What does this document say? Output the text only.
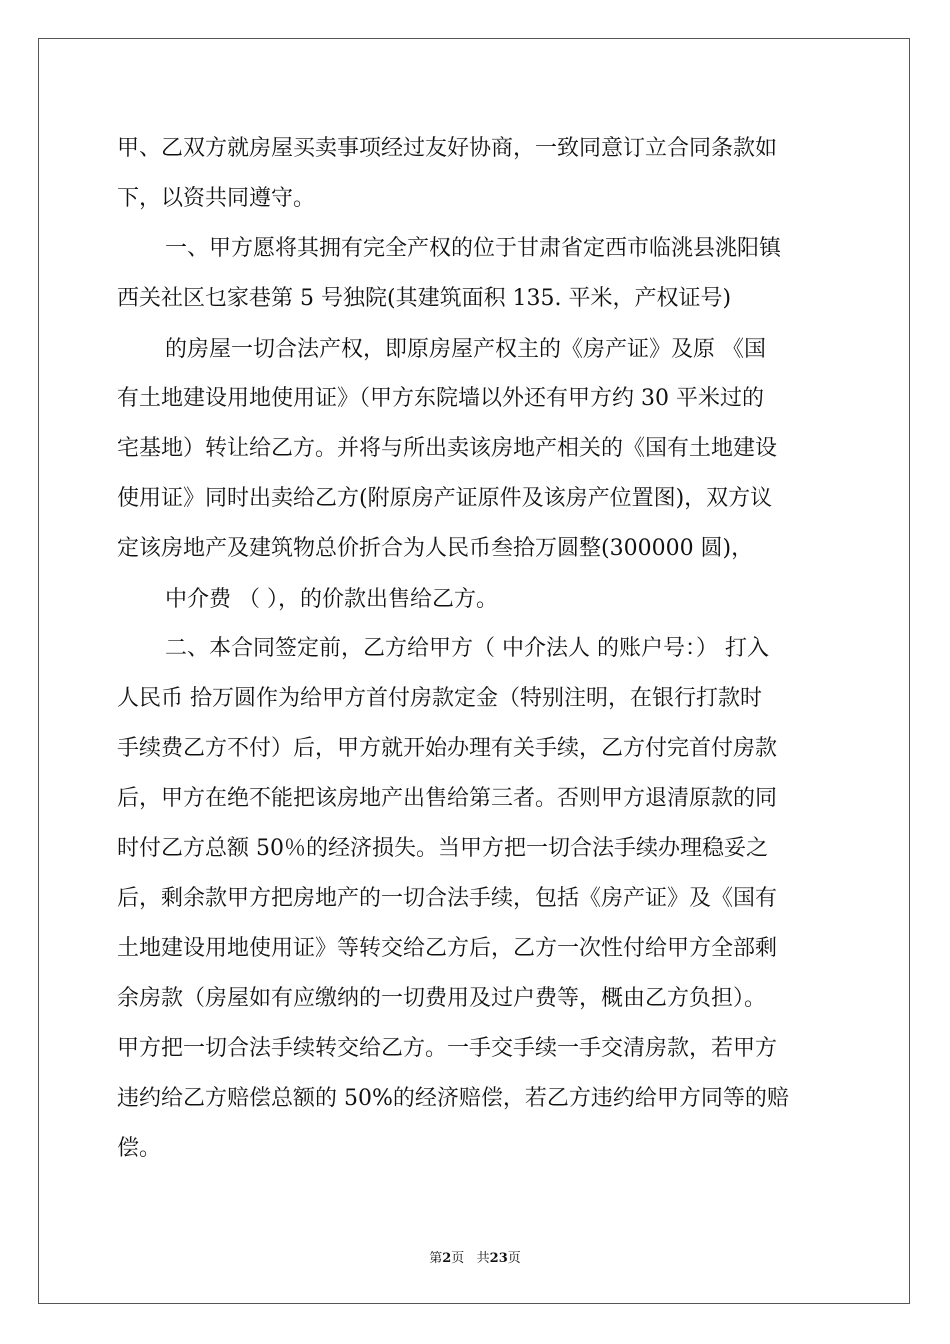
甲、乙双方就房屋买卖事项经过友好协商，一致同意订立合同条款如
下，以资共同遵守。
一、甲方愿将其拥有完全产权的位于甘肃省定西市临洮县洮阳镇
西关社区乜家巷第 5 号独院(其建筑面积 135. 平米，产权证号)
的房屋一切合法产权，即原房屋产权主的《房产证》及原 《国
有土地建设用地使用证》（甲方东院墙以外还有甲方约 30 平米过的
宅基地）转让给乙方。并将与所出卖该房地产相关的《国有土地建设
使用证》同时出卖给乙方(附原房产证原件及该房产位置图)，双方议
定该房地产及建筑物总价折合为人民币叁拾万圆整(300000 圆)，
中介费 （ ），的价款出售给乙方。
二、本合同签定前，乙方给甲方（ 中介法人 的账户号：） 打入
人民币 拾万圆作为给甲方首付房款定金（特别注明，在银行打款时
手续费乙方不付）后，甲方就开始办理有关手续，乙方付完首付房款
后，甲方在绝不能把该房地产出售给第三者。否则甲方退清原款的同
时付乙方总额 50％的经济损失。当甲方把一切合法手续办理稳妥之
后，剩余款甲方把房地产的一切合法手续，包括《房产证》及《国有
土地建设用地使用证》等转交给乙方后，乙方一次性付给甲方全部剩
余房款（房屋如有应缴纳的一切费用及过户费等，概由乙方负担）。
甲方把一切合法手续转交给乙方。一手交手续一手交清房款，若甲方
违约给乙方赔偿总额的 50%的经济赔偿，若乙方违约给甲方同等的赔
偿。
第2页   共23页
